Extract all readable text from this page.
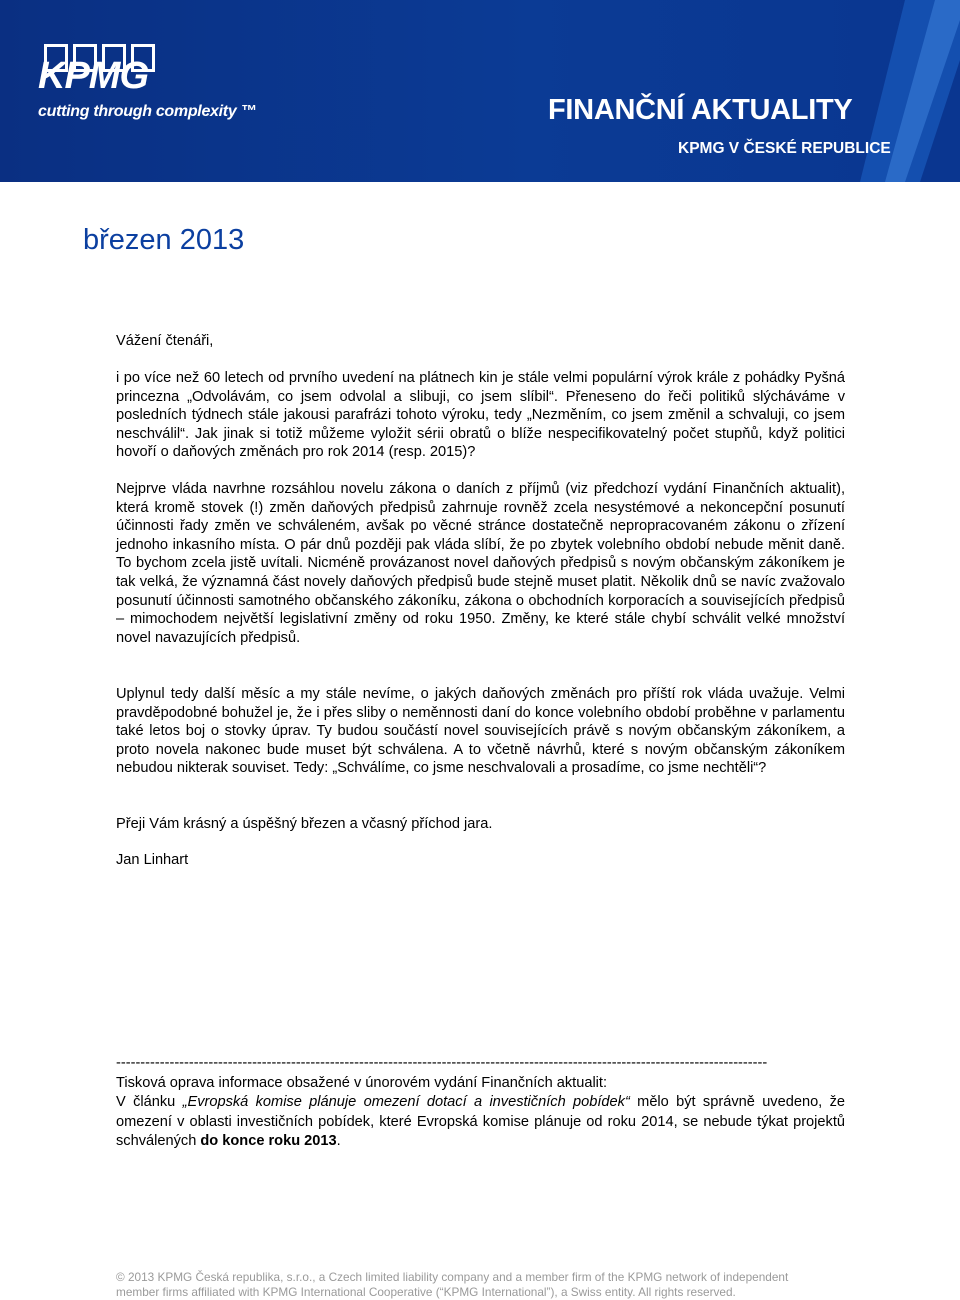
KPMG
cutting through complexity ™	FINANČNÍ AKTUALITY
KPMG V ČESKÉ REPUBLICE
březen 2013

Vážení čtenáři,

i po více než 60 letech od prvního uvedení na plátnech kin je stále velmi populární výrok krále z pohádky Pyšná princezna „Odvolávám, co jsem odvolal a slibuji, co jsem slíbil“. Přeneseno do řeči politiků slýcháváme v posledních týdnech stále jakousi parafrázi tohoto výroku, tedy „Nezměním, co jsem změnil a schvaluji, co jsem neschválil“. Jak jinak si totiž můžeme vyložit sérii obratů o blíže nespecifikovatelný počet stupňů, když politici hovoří o daňových změnách pro rok 2014 (resp. 2015)?

Nejprve vláda navrhne rozsáhlou novelu zákona o daních z příjmů (viz předchozí vydání Finančních aktualit), která kromě stovek (!) změn daňových předpisů zahrnuje rovněž zcela nesystémové a nekoncepční posunutí účinnosti řady změn ve schváleném, avšak po věcné stránce dostatečně nepropracovaném zákonu o zřízení jednoho inkasního místa. O pár dnů později pak vláda slíbí, že po zbytek volebního období nebude měnit daně. To bychom zcela jistě uvítali. Nicméně provázanost novel daňových předpisů s novým občanským zákoníkem je tak velká, že významná část novely daňových předpisů bude stejně muset platit. Několik dnů se navíc zvažovalo posunutí účinnosti samotného občanského zákoníku, zákona o obchodních korporacích a souvisejících předpisů – mimochodem největší legislativní změny od roku 1950. Změny, ke které stále chybí schválit velké množství novel navazujících předpisů.

Uplynul tedy další měsíc a my stále nevíme, o jakých daňových změnách pro příští rok vláda uvažuje. Velmi pravděpodobné bohužel je, že i přes sliby o neměnnosti daní do konce volebního období proběhne v parlamentu také letos boj o stovky úprav. Ty budou součástí novel souvisejících právě s novým občanským zákoníkem, a proto novela nakonec bude muset být schválena. A to včetně návrhů, které s novým občanským zákoníkem nebudou nikterak souviset. Tedy: „Schválíme, co jsme neschvalovali a prosadíme, co jsme nechtěli“?

Přeji Vám krásný a úspěšný březen a včasný příchod jara.

Jan Linhart

--------------------------------------------------------------------------------------------------------------------------------------
Tisková oprava informace obsažené v únorovém vydání Finančních aktualit:
V článku „Evropská komise plánuje omezení dotací a investičních pobídek“ mělo být správně uvedeno, že omezení v oblasti investičních pobídek, které Evropská komise plánuje od roku 2014, se nebude týkat projektů schválených do konce roku 2013.
© 2013 KPMG Česká republika, s.r.o., a Czech limited liability company and a member firm of the KPMG network of independent
member firms affiliated with KPMG International Cooperative (“KPMG International”), a Swiss entity. All rights reserved.
